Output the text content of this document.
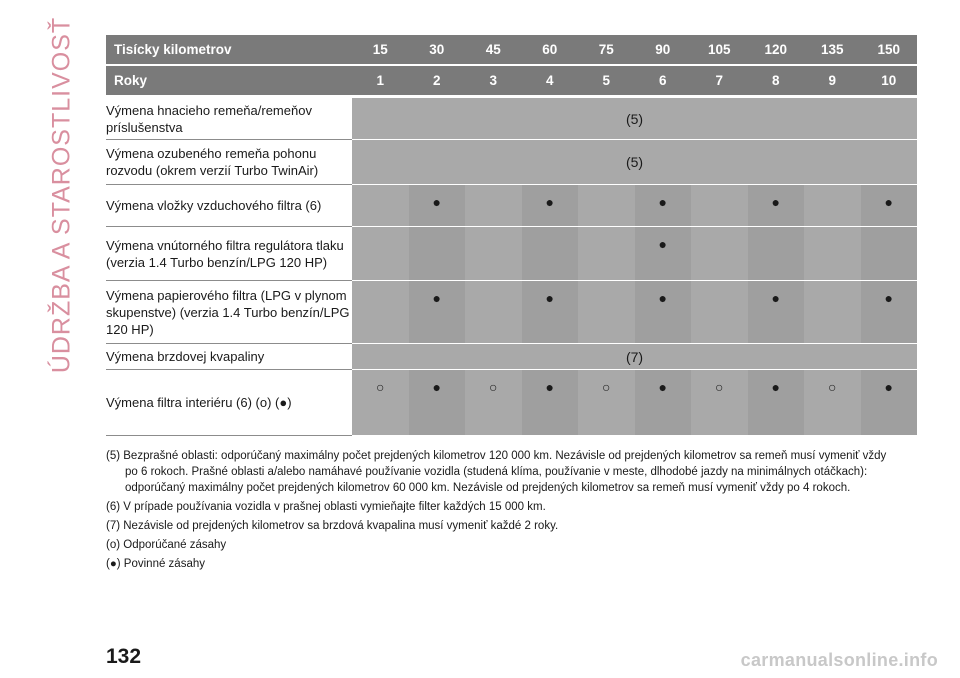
ÚDRŽBA A STAROSTLIVOSŤ	Tisícky kilometrov	15	30	45	60	75	90	105	120	135	150
Roky	1	2	3	4	5	6	7	8	9	10
Výmena hnacieho remeňa/remeňov príslušenstva	(5)									
Výmena ozubeného remeňa pohonu rozvodu (okrem verzií Turbo TwinAir)	(5)									
Výmena vložky vzduchového filtra (6)		●		●		●		●		●
Výmena vnútorného filtra regulátora tlaku (verzia 1.4 Turbo benzín/LPG 120 HP)						●				
Výmena papierového filtra (LPG v plynom skupenstve) (verzia 1.4 Turbo benzín/LPG 120 HP)		●		●		●		●		●
Výmena brzdovej kvapaliny	(7)									
Výmena filtra interiéru (6) (o) (●)	○	●	○	●	○	●	○	●	○	●
(5) Bezprašné oblasti: odporúčaný maximálny počet prejdených kilometrov 120 000 km. Nezávisle od prejdených kilometrov sa remeň musí vymeniť vždy po 6 rokoch. Prašné oblasti a/alebo namáhavé používanie vozidla (studená klíma, používanie v meste, dlhodobé jazdy na minimálnych otáčkach): odporúčaný maximálny počet prejdených kilometrov 60 000 km. Nezávisle od prejdených kilometrov sa remeň musí vymeniť vždy po 4 rokoch.
(6) V prípade používania vozidla v prašnej oblasti vymieňajte filter každých 15 000 km.
(7) Nezávisle od prejdených kilometrov sa brzdová kvapalina musí vymeniť každé 2 roky.
(o) Odporúčané zásahy
(●) Povinné zásahy
132	carmanualsonline.info
